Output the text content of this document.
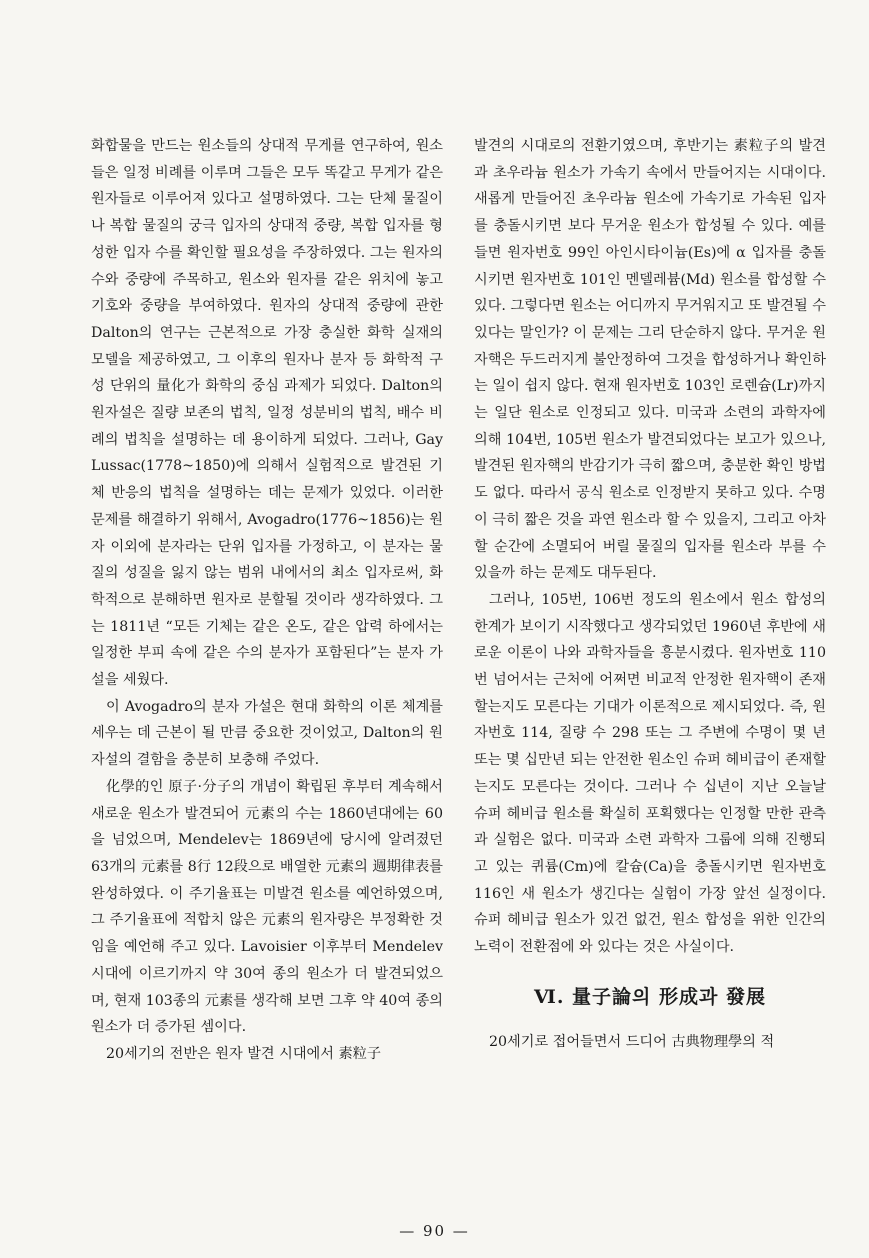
화합물을 만드는 원소들의 상대적 무게를 연구하여, 원소들은 일정 비례를 이루며 그들은 모두 똑같고 무게가 같은 원자들로 이루어져 있다고 설명하였다. 그는 단체 물질이나 복합 물질의 궁극 입자의 상대적 중량, 복합 입자를 형성한 입자 수를 확인할 필요성을 주장하였다. 그는 원자의 수와 중량에 주목하고, 원소와 원자를 같은 위치에 놓고 기호와 중량을 부여하였다. 원자의 상대적 중량에 관한 Dalton의 연구는 근본적으로 가장 충실한 화학 실재의 모델을 제공하였고, 그 이후의 원자나 분자 등 화학적 구성 단위의 量化가 화학의 중심 과제가 되었다. Dalton의 원자설은 질량 보존의 법칙, 일정 성분비의 법칙, 배수 비례의 법칙을 설명하는 데 용이하게 되었다. 그러나, Gay Lussac(1778~1850)에 의해서 실험적으로 발견된 기체 반응의 법칙을 설명하는 데는 문제가 있었다. 이러한 문제를 해결하기 위해서, Avogadro(1776~1856)는 원자 이외에 분자라는 단위 입자를 가정하고, 이 분자는 물질의 성질을 잃지 않는 범위 내에서의 최소 입자로써, 화학적으로 분해하면 원자로 분할될 것이라 생각하였다. 그는 1811년 “모든 기체는 같은 온도, 같은 압력 하에서는 일정한 부피 속에 같은 수의 분자가 포함된다”는 분자 가설을 세웠다.

이 Avogadro의 분자 가설은 현대 화학의 이론 체계를 세우는 데 근본이 될 만큼 중요한 것이었고, Dalton의 원자설의 결함을 충분히 보충해 주었다.

化學的인 原子·分子의 개념이 확립된 후부터 계속해서 새로운 원소가 발견되어 元素의 수는 1860년대에는 60을 넘었으며, Mendelev는 1869년에 당시에 알려졌던 63개의 元素를 8行 12段으로 배열한 元素의 週期律表를 완성하였다. 이 주기율표는 미발견 원소를 예언하였으며, 그 주기율표에 적합치 않은 元素의 원자량은 부정확한 것임을 예언해 주고 있다. Lavoisier 이후부터 Mendelev 시대에 이르기까지 약 30여 종의 원소가 더 발견되었으며, 현재 103종의 元素를 생각해 보면 그후 약 40여 종의 원소가 더 증가된 셈이다.

20세기의 전반은 원자 발견 시대에서 素粒子

발견의 시대로의 전환기였으며, 후반기는 素粒子의 발견과 초우라늄 원소가 가속기 속에서 만들어지는 시대이다. 새롭게 만들어진 초우라늄 원소에 가속기로 가속된 입자를 충돌시키면 보다 무거운 원소가 합성될 수 있다. 예를 들면 원자번호 99인 아인시타이늄(Es)에 α 입자를 충돌시키면 원자번호 101인 멘델레븀(Md) 원소를 합성할 수 있다. 그렇다면 원소는 어디까지 무거워지고 또 발견될 수 있다는 말인가? 이 문제는 그리 단순하지 않다. 무거운 원자핵은 두드러지게 불안정하여 그것을 합성하거나 확인하는 일이 쉽지 않다. 현재 원자번호 103인 로렌슘(Lr)까지는 일단 원소로 인정되고 있다. 미국과 소련의 과학자에 의해 104번, 105번 원소가 발견되었다는 보고가 있으나, 발견된 원자핵의 반감기가 극히 짧으며, 충분한 확인 방법도 없다. 따라서 공식 원소로 인정받지 못하고 있다. 수명이 극히 짧은 것을 과연 원소라 할 수 있을지, 그리고 아차할 순간에 소멸되어 버릴 물질의 입자를 원소라 부를 수 있을까 하는 문제도 대두된다.

그러나, 105번, 106번 정도의 원소에서 원소 합성의 한계가 보이기 시작했다고 생각되었던 1960년 후반에 새로운 이론이 나와 과학자들을 흥분시켰다. 원자번호 110번 넘어서는 근처에 어쩌면 비교적 안정한 원자핵이 존재할는지도 모른다는 기대가 이론적으로 제시되었다. 즉, 원자번호 114, 질량 수 298 또는 그 주변에 수명이 몇 년 또는 몇 십만년 되는 안전한 원소인 슈퍼 헤비급이 존재할는지도 모른다는 것이다. 그러나 수 십년이 지난 오늘날 슈퍼 헤비급 원소를 확실히 포획했다는 인정할 만한 관측과 실험은 없다. 미국과 소련 과학자 그룹에 의해 진행되고 있는 퀴륨(Cm)에 칼슘(Ca)을 충돌시키면 원자번호 116인 새 원소가 생긴다는 실험이 가장 앞선 실정이다. 슈퍼 헤비급 원소가 있건 없건, 원소 합성을 위한 인간의 노력이 전환점에 와 있다는 것은 사실이다.

Ⅵ. 量子論의 形成과 發展

20세기로 접어들면서 드디어 古典物理學의 적

— 90 —
